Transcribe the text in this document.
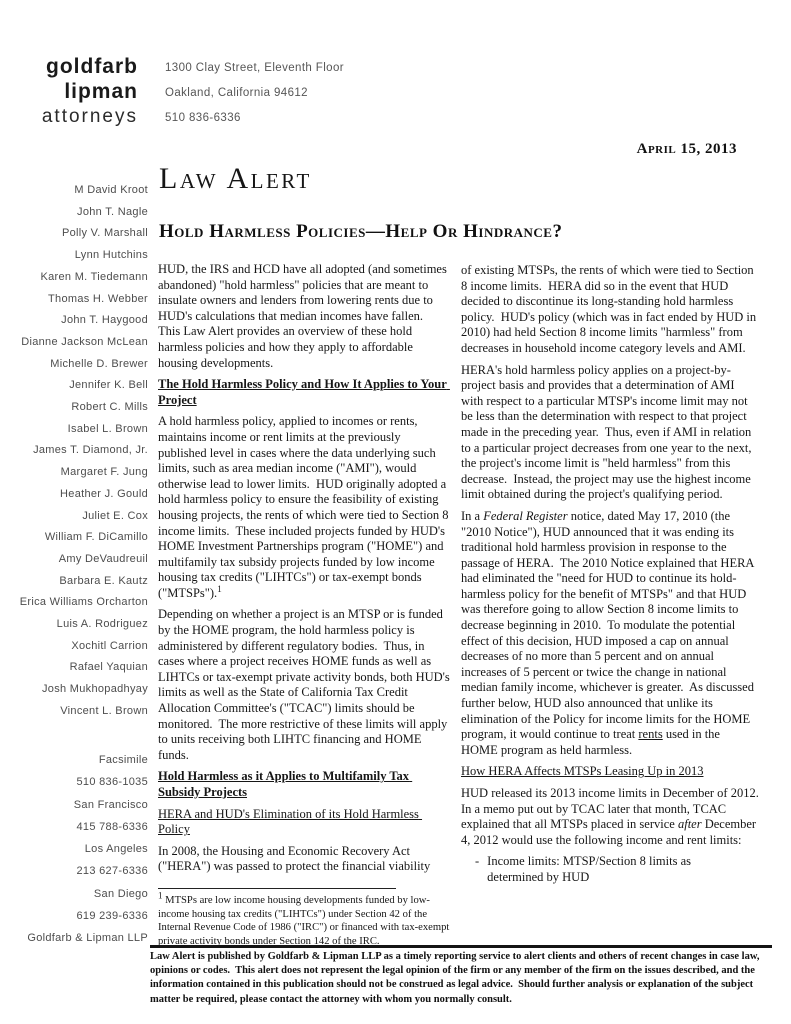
goldfarb
lipman
attorneys
1300 Clay Street, Eleventh Floor
Oakland, California 94612
510 836-6336
April 15, 2013
Law Alert
Hold Harmless Policies—Help Or Hindrance?
M David Kroot
John T. Nagle
Polly V. Marshall
Lynn Hutchins
Karen M. Tiedemann
Thomas H. Webber
John T. Haygood
Dianne Jackson McLean
Michelle D. Brewer
Jennifer K. Bell
Robert C. Mills
Isabel L. Brown
James T. Diamond, Jr.
Margaret F. Jung
Heather J. Gould
Juliet E. Cox
William F. DiCamillo
Amy DeVaudreuil
Barbara E. Kautz
Erica Williams Orcharton
Luis A. Rodriguez
Xochitl Carrion
Rafael Yaquian
Josh Mukhopadhyay
Vincent L. Brown
Facsimile
510 836-1035
San Francisco
415 788-6336
Los Angeles
213 627-6336
San Diego
619 239-6336
Goldfarb & Lipman LLP

HUD, the IRS and HCD have all adopted (and sometimes abandoned) "hold harmless" policies that are meant to insulate owners and lenders from lowering rents due to HUD's calculations that median incomes have fallen.  This Law Alert provides an overview of these hold harmless policies and how they apply to affordable housing developments.

The Hold Harmless Policy and How It Applies to Your Project

A hold harmless policy, applied to incomes or rents, maintains income or rent limits at the previously published level in cases where the data underlying such limits, such as area median income ("AMI"), would otherwise lead to lower limits.  HUD originally adopted a hold harmless policy to ensure the feasibility of existing housing projects, the rents of which were tied to Section 8 income limits.  These included projects funded by HUD's HOME Investment Partnerships program ("HOME") and multifamily tax subsidy projects funded by low income housing tax credits ("LIHTCs") or tax-exempt bonds ("MTSPs").$^1$

Depending on whether a project is an MTSP or is funded by the HOME program, the hold harmless policy is administered by different regulatory bodies.  Thus, in cases where a project receives HOME funds as well as LIHTCs or tax-exempt private activity bonds, both HUD's limits as well as the State of California Tax Credit Allocation Committee's ("TCAC") limits should be monitored.  The more restrictive of these limits will apply to units receiving both LIHTC financing and HOME funds.

Hold Harmless as it Applies to Multifamily Tax Subsidy Projects
HERA and HUD's Elimination of its Hold Harmless Policy

In 2008, the Housing and Economic Recovery Act ("HERA") was passed to protect the financial viability

$^1$ MTSPs are low income housing developments funded by low-income housing tax credits ("LIHTCs") under Section 42 of the Internal Revenue Code of 1986 ("IRC") or financed with tax-exempt private activity bonds under Section 142 of the IRC.

of existing MTSPs, the rents of which were tied to Section 8 income limits.  HERA did so in the event that HUD decided to discontinue its long-standing hold harmless policy.  HUD's policy (which was in fact ended by HUD in 2010) had held Section 8 income limits "harmless" from decreases in household income category levels and AMI.

HERA's hold harmless policy applies on a project-by-project basis and provides that a determination of AMI with respect to a particular MTSP's income limit may not be less than the determination with respect to that project made in the preceding year.  Thus, even if AMI in relation to a particular project decreases from one year to the next, the project's income limit is "held harmless" from this decrease.  Instead, the project may use the highest income limit obtained during the project's qualifying period.

In a Federal Register notice, dated May 17, 2010 (the "2010 Notice"), HUD announced that it was ending its traditional hold harmless provision in response to the passage of HERA.  The 2010 Notice explained that HERA had eliminated the "need for HUD to continue its hold-harmless policy for the benefit of MTSPs" and that HUD was therefore going to allow Section 8 income limits to decrease beginning in 2010.  To modulate the potential effect of this decision, HUD imposed a cap on annual decreases of no more than 5 percent and on annual increases of 5 percent or twice the change in national median family income, whichever is greater.  As discussed further below, HUD also announced that unlike its elimination of the Policy for income limits for the HOME program, it would continue to treat rents used in the HOME program as held harmless.

How HERA Affects MTSPs Leasing Up in 2013

HUD released its 2013 income limits in December of 2012.  In a memo put out by TCAC later that month, TCAC explained that all MTSPs placed in service after December 4, 2012 would use the following income and rent limits:

- Income limits: MTSP/Section 8 limits as determined by HUD
Law Alert is published by Goldfarb & Lipman LLP as a timely reporting service to alert clients and others of recent changes in case law, opinions or codes.  This alert does not represent the legal opinion of the firm or any member of the firm on the issues described, and the information contained in this publication should not be construed as legal advice.  Should further analysis or explanation of the subject matter be required, please contact the attorney with whom you normally consult.
